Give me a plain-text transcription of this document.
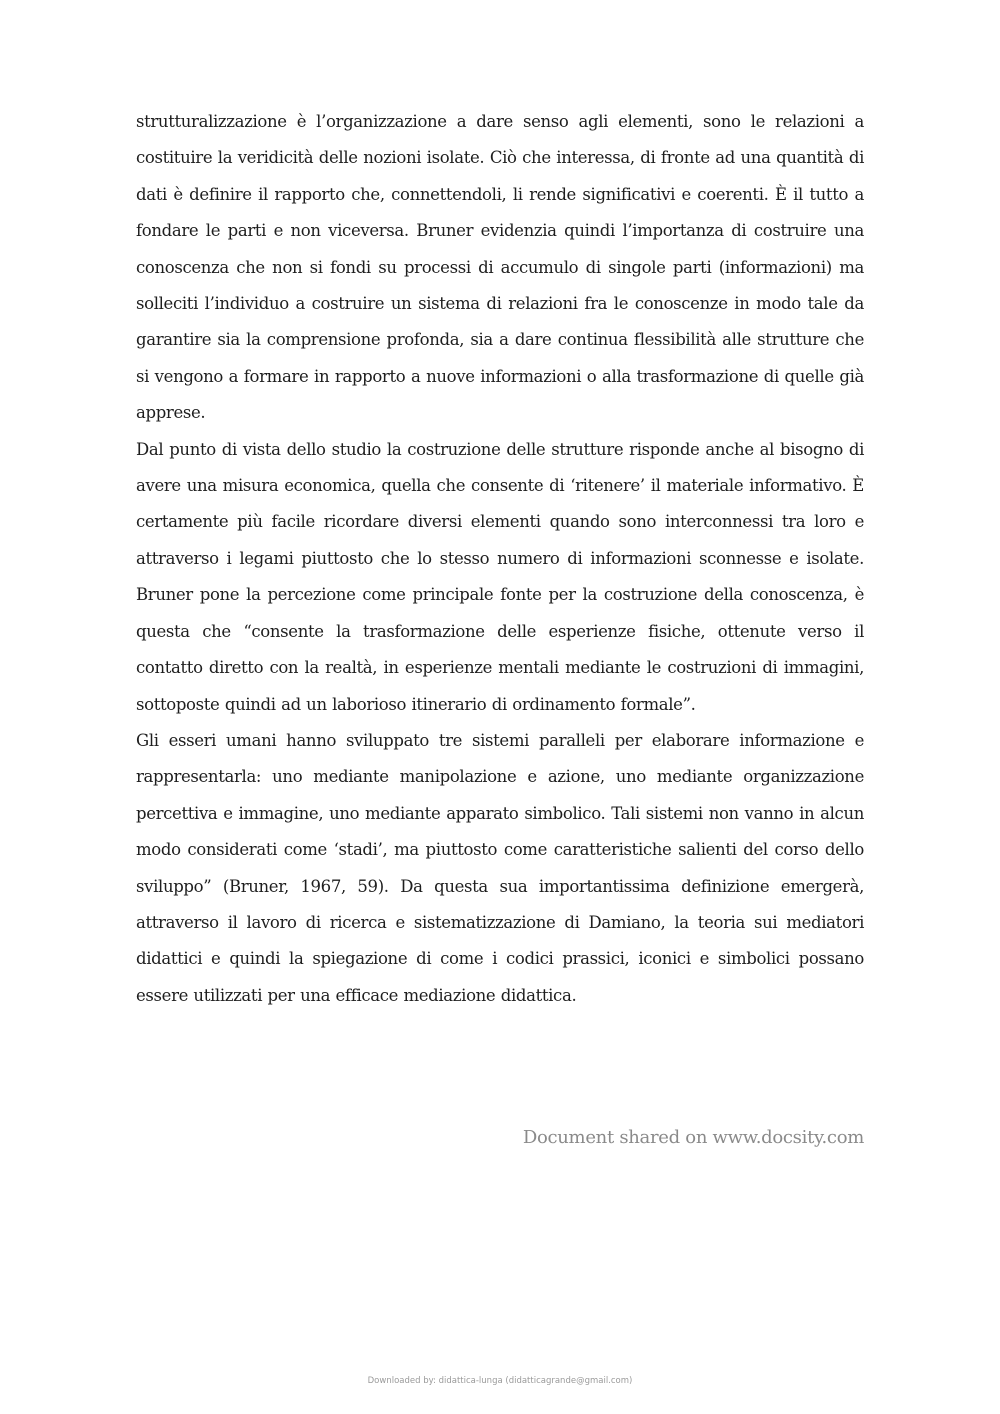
strutturalizzazione è l’organizzazione a dare senso agli elementi, sono le relazioni a costituire la veridicità delle nozioni isolate. Ciò che interessa, di fronte ad una quantità di dati è definire il rapporto che, connettendoli, li rende significativi e coerenti. È il tutto a fondare le parti e non viceversa. Bruner evidenzia quindi l’importanza di costruire una conoscenza che non si fondi su processi di accumulo di singole parti (informazioni) ma solleciti l’individuo a costruire un sistema di relazioni fra le conoscenze in modo tale da garantire sia la comprensione profonda, sia a dare continua flessibilità alle strutture che si vengono a formare in rapporto a nuove informazioni o alla trasformazione di quelle già apprese.

Dal punto di vista dello studio la costruzione delle strutture risponde anche al bisogno di avere una misura economica, quella che consente di ‘ritenere’ il materiale informativo. È certamente più facile ricordare diversi elementi quando sono interconnessi tra loro e attraverso i legami piuttosto che lo stesso numero di informazioni sconnesse e isolate. Bruner pone la percezione come principale fonte per la costruzione della conoscenza, è questa che “consente la trasformazione delle esperienze fisiche, ottenute verso il contatto diretto con la realtà, in esperienze mentali mediante le costruzioni di immagini, sottoposte quindi ad un laborioso itinerario di ordinamento formale”.

Gli esseri umani hanno sviluppato tre sistemi paralleli per elaborare informazione e rappresentarla: uno mediante manipolazione e azione, uno mediante organizzazione percettiva e immagine, uno mediante apparato simbolico. Tali sistemi non vanno in alcun modo considerati come ‘stadi’, ma piuttosto come caratteristiche salienti del corso dello sviluppo” (Bruner, 1967, 59). Da questa sua importantissima definizione emergerà, attraverso il lavoro di ricerca e sistematizzazione di Damiano, la teoria sui mediatori didattici e quindi la spiegazione di come i codici prassici, iconici e simbolici possano essere utilizzati per una efficace mediazione didattica.

Document shared on www.docsity.com
Downloaded by: didattica-lunga (didatticagrande@gmail.com)
